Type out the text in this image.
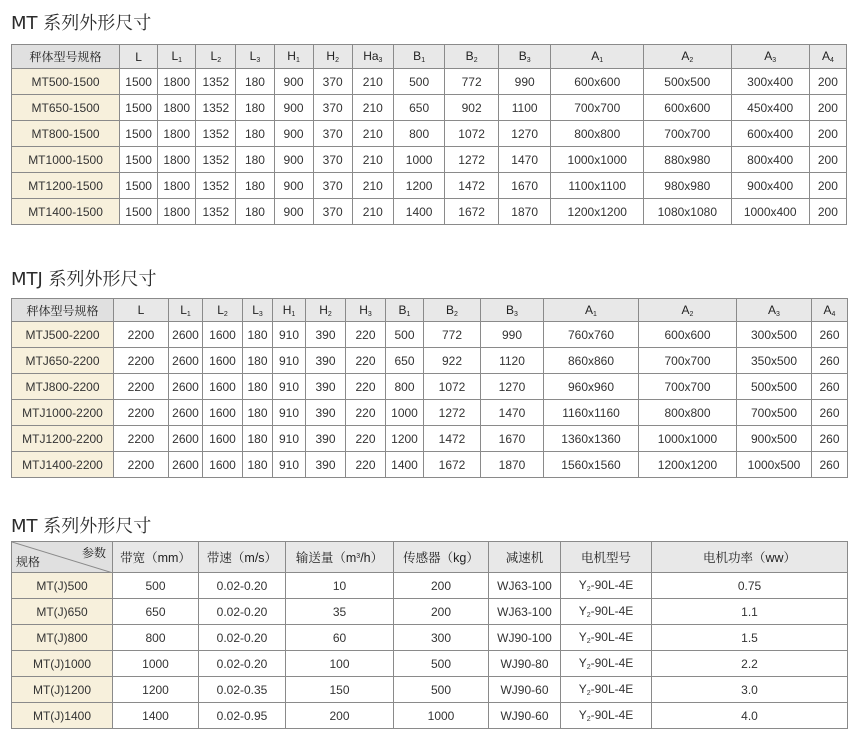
MT 系列外形尺寸
秤体型号规格	L	$L_1$	$L_2$	$L_3$	$H_1$	$H_2$	$Ha_3$	$B_1$	$B_2$	$B_3$	$A_1$	$A_2$	$A_3$	$A_4$
MT500-1500	1500	1800	1352	180	900	370	210	500	772	990	600x600	500x500	300x400	200
MT650-1500	1500	1800	1352	180	900	370	210	650	902	1100	700x700	600x600	450x400	200
MT800-1500	1500	1800	1352	180	900	370	210	800	1072	1270	800x800	700x700	600x400	200
MT1000-1500	1500	1800	1352	180	900	370	210	1000	1272	1470	1000x1000	880x980	800x400	200
MT1200-1500	1500	1800	1352	180	900	370	210	1200	1472	1670	1100x1100	980x980	900x400	200
MT1400-1500	1500	1800	1352	180	900	370	210	1400	1672	1870	1200x1200	1080x1080	1000x400	200
MTJ 系列外形尺寸
秤体型号规格	L	$L_1$	$L_2$	$L_3$	$H_1$	$H_2$	$H_3$	$B_1$	$B_2$	$B_3$	$A_1$	$A_2$	$A_3$	$A_4$
MTJ500-2200	2200	2600	1600	180	910	390	220	500	772	990	760x760	600x600	300x500	260
MTJ650-2200	2200	2600	1600	180	910	390	220	650	922	1120	860x860	700x700	350x500	260
MTJ800-2200	2200	2600	1600	180	910	390	220	800	1072	1270	960x960	700x700	500x500	260
MTJ1000-2200	2200	2600	1600	180	910	390	220	1000	1272	1470	1160x1160	800x800	700x500	260
MTJ1200-2200	2200	2600	1600	180	910	390	220	1200	1472	1670	1360x1360	1000x1000	900x500	260
MTJ1400-2200	2200	2600	1600	180	910	390	220	1400	1672	1870	1560x1560	1200x1200	1000x500	260
MT 系列外形尺寸
参数
规格	带宽（mm）	带速（m/s）	输送量$(m^3/h)$	传感器（kg）	减速机	电机型号	电机功率（ww）
MT(J)500	500	0.02-0.20	10	200	WJ63-100	$Y_2-90L-4E$	0.75
MT(J)650	650	0.02-0.20	35	200	WJ63-100	$Y_2-90L-4E$	1.1
MT(J)800	800	0.02-0.20	60	300	WJ90-100	$Y_2-90L-4E$	1.5
MT(J)1000	1000	0.02-0.20	100	500	WJ90-80	$Y_2-90L-4E$	2.2
MT(J)1200	1200	0.02-0.35	150	500	WJ90-60	$Y_2-90L-4E$	3.0
MT(J)1400	1400	0.02-0.95	200	1000	WJ90-60	$Y_2-90L-4E$	4.0
